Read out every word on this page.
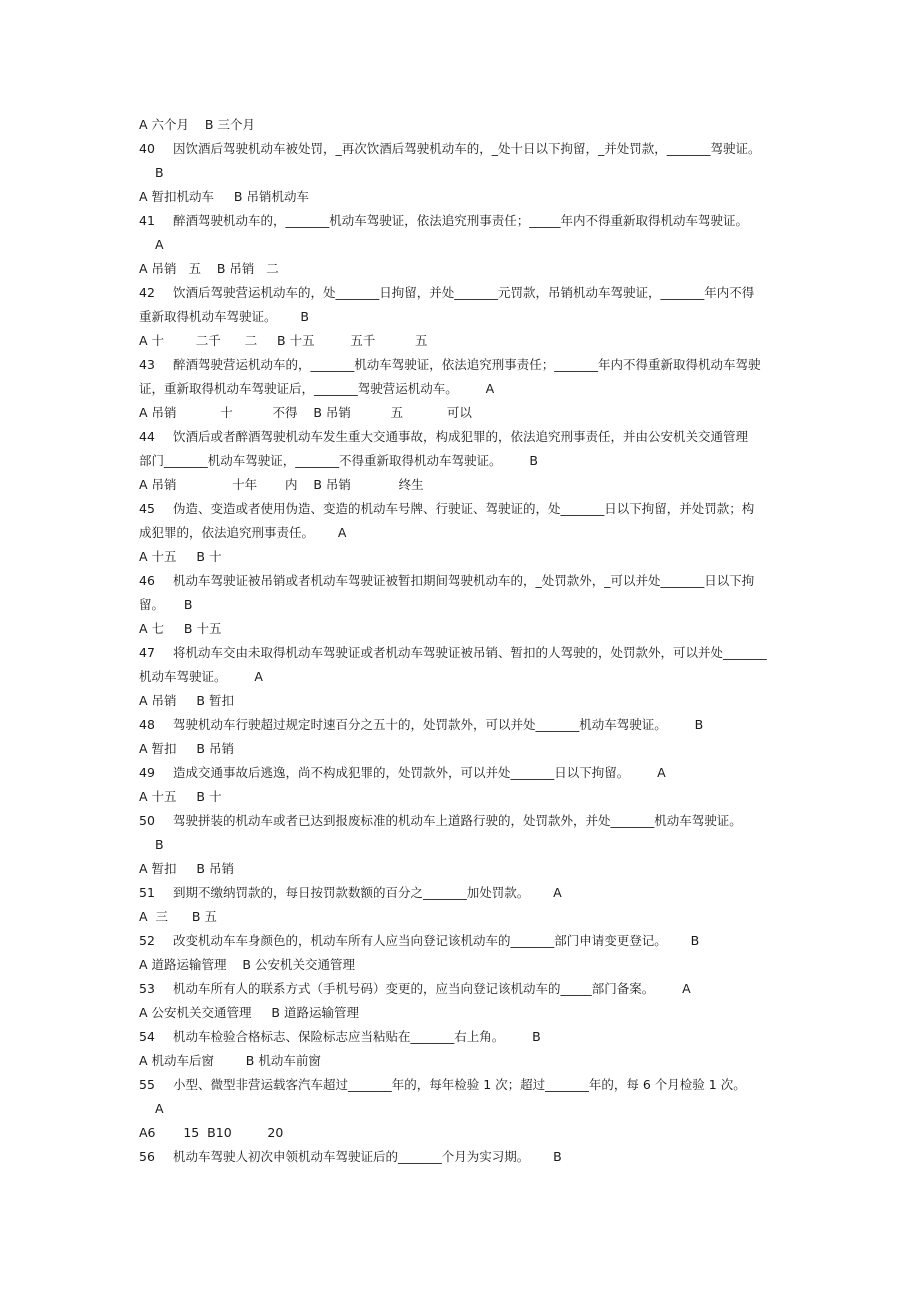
A 六个月    B 三个月
40 因饮酒后驾驶机动车被处罚，_再次饮酒后驾驶机动车的，_处十日以下拘留，_并处罚款，_______驾驶证。
B
A 暂扣机动车     B 吊销机动车
41 醉酒驾驶机动车的，_______机动车驾驶证，依法追究刑事责任；_____年内不得重新取得机动车驾驶证。
A
A 吊销   五    B 吊销   二
42 饮酒后驾驶营运机动车的，处_______日拘留，并处_______元罚款，吊销机动车驾驶证，_______年内不得
重新取得机动车驾驶证。      B
A 十        二千      二     B 十五         五千          五
43 醉酒驾驶营运机动车的，_______机动车驾驶证，依法追究刑事责任；_______年内不得重新取得机动车驾驶
证，重新取得机动车驾驶证后，_______驾驶营运机动车。       A
A 吊销           十          不得    B 吊销          五           可以
44 饮酒后或者醉酒驾驶机动车发生重大交通事故，构成犯罪的，依法追究刑事责任，并由公安机关交通管理
部门_______机动车驾驶证，_______不得重新取得机动车驾驶证。       B
A 吊销              十年       内    B 吊销            终生
45 伪造、变造或者使用伪造、变造的机动车号牌、行驶证、驾驶证的，处_______日以下拘留，并处罚款；构
成犯罪的，依法追究刑事责任。      A
A 十五     B 十
46 机动车驾驶证被吊销或者机动车驾驶证被暂扣期间驾驶机动车的，_处罚款外，_可以并处_______日以下拘
留。     B
A 七     B 十五
47 将机动车交由未取得机动车驾驶证或者机动车驾驶证被吊销、暂扣的人驾驶的，处罚款外，可以并处_______
机动车驾驶证。       A
A 吊销     B 暂扣
48 驾驶机动车行驶超过规定时速百分之五十的，处罚款外，可以并处_______机动车驾驶证。       B
A 暂扣     B 吊销
49 造成交通事故后逃逸，尚不构成犯罪的，处罚款外，可以并处_______日以下拘留。       A
A 十五     B 十
50 驾驶拼装的机动车或者已达到报废标准的机动车上道路行驶的，处罚款外，并处_______机动车驾驶证。
B
A 暂扣     B 吊销
51 到期不缴纳罚款的，每日按罚款数额的百分之_______加处罚款。      A
A  三      B 五
52 改变机动车车身颜色的，机动车所有人应当向登记该机动车的_______部门申请变更登记。      B
A 道路运输管理    B 公安机关交通管理
53 机动车所有人的联系方式（手机号码）变更的，应当向登记该机动车的_____部门备案。       A
A 公安机关交通管理     B 道路运输管理
54 机动车检验合格标志、保险标志应当粘贴在_______右上角。       B
A 机动车后窗        B 机动车前窗
55 小型、微型非营运载客汽车超过_______年的，每年检验 1 次；超过_______年的，每 6 个月检验 1 次。
A
A6       15  B10         20
56 机动车驾驶人初次申领机动车驾驶证后的_______个月为实习期。      B
